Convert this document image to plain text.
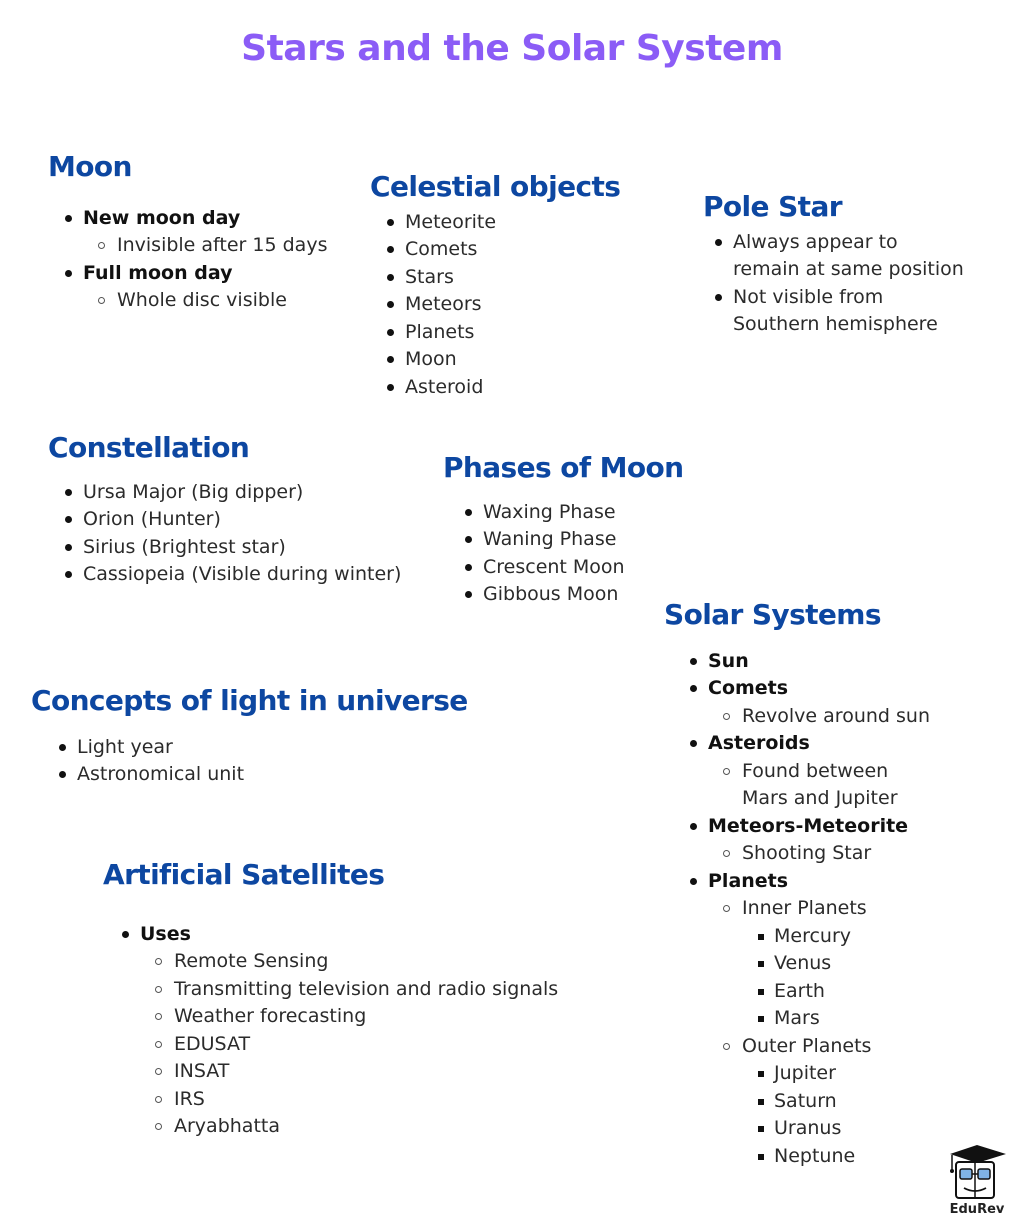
Stars and the Solar System
Moon
New moon day
Invisible after 15 days
Full moon day
Whole disc visible
Celestial objects
Meteorite
Comets
Stars
Meteors
Planets
Moon
Asteroid
Pole Star
Always appear to remain at same position
Not visible from Southern hemisphere
Constellation
Ursa Major (Big dipper)
Orion (Hunter)
Sirius (Brightest star)
Cassiopeia (Visible during winter)
Phases of Moon
Waxing Phase
Waning Phase
Crescent Moon
Gibbous Moon
Solar Systems
Sun
Comets
Revolve around sun
Asteroids
Found between Mars and Jupiter
Meteors-Meteorite
Shooting Star
Planets
Inner Planets
Mercury
Venus
Earth
Mars
Outer Planets
Jupiter
Saturn
Uranus
Neptune
Concepts of light in universe
Light year
Astronomical unit
Artificial Satellites
Uses
Remote Sensing
Transmitting television and radio signals
Weather forecasting
EDUSAT
INSAT
IRS
Aryabhatta
EduRev
